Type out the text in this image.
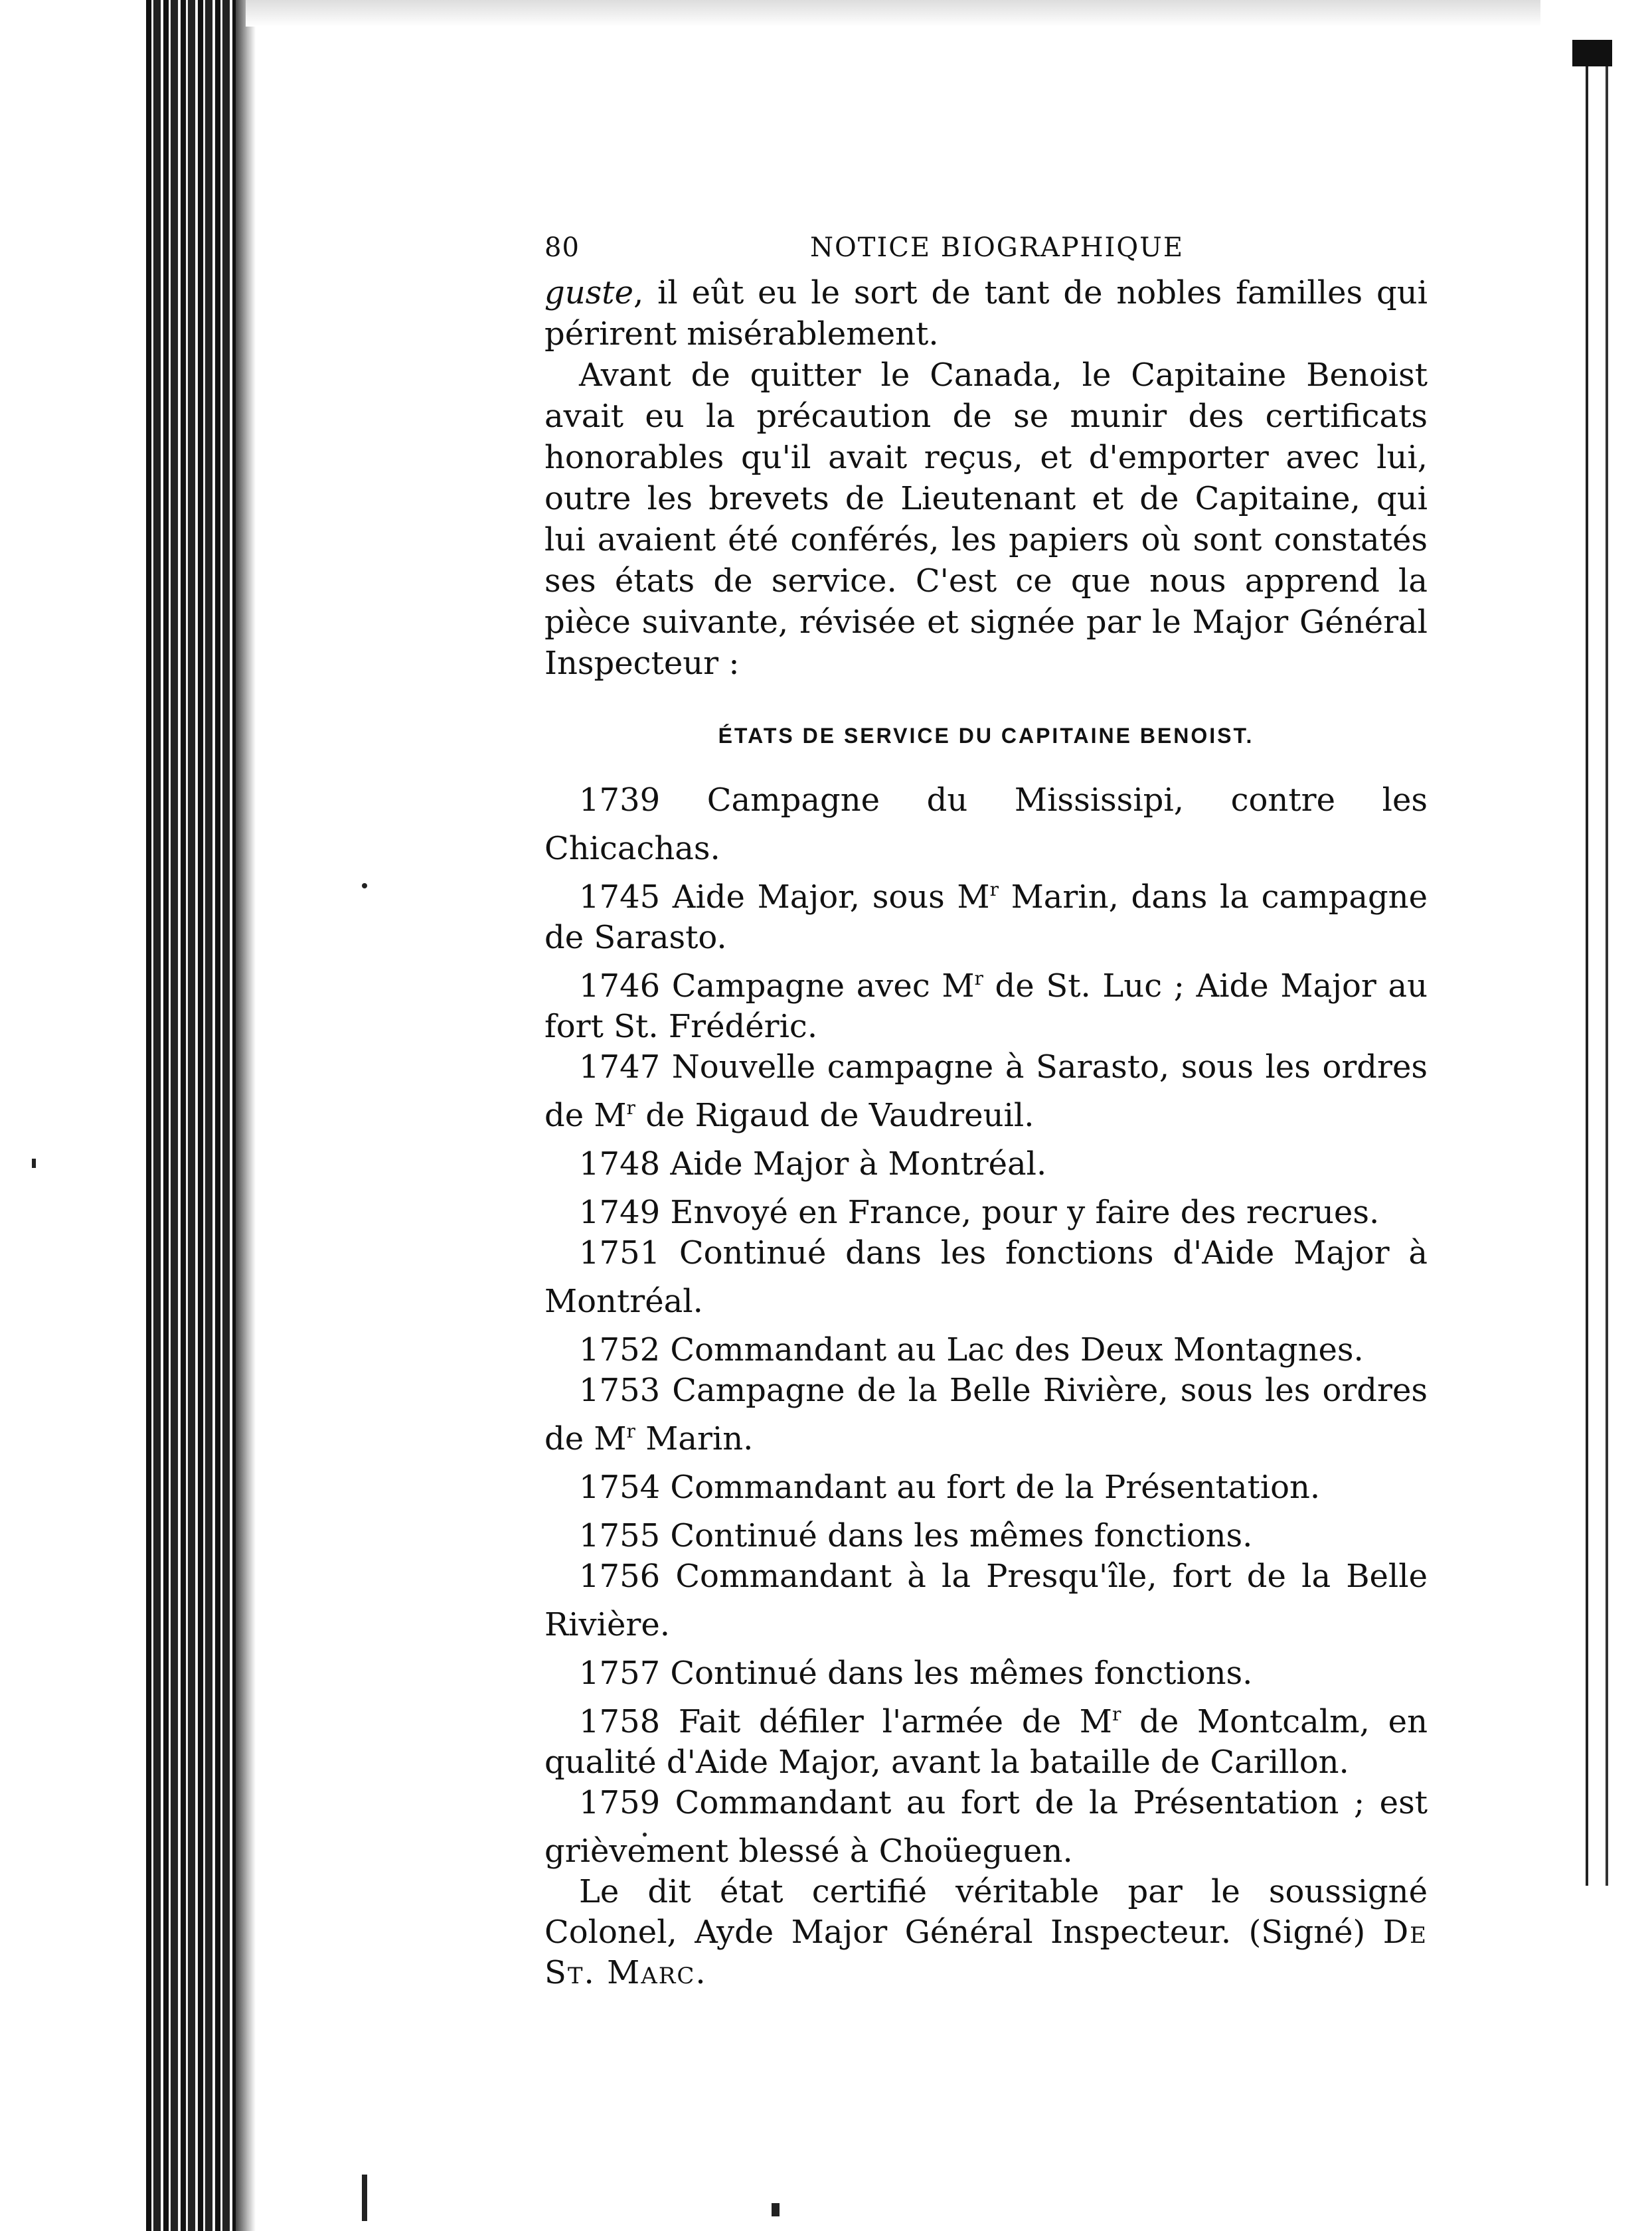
80	NOTICE BIOGRAPHIQUE

guste, il eût eu le sort de tant de nobles familles qui périrent misérablement.

Avant de quitter le Canada, le Capitaine Benoist avait eu la précaution de se munir des certificats honorables qu'il avait reçus, et d'emporter avec lui, outre les brevets de Lieutenant et de Capitaine, qui lui avaient été conférés, les papiers où sont constatés ses états de service. C'est ce que nous apprend la pièce suivante, révisée et signée par le Major Général Inspecteur :

ÉTATS DE SERVICE DU CAPITAINE BENOIST.

1739 Campagne du Mississipi, contre les Chicachas.

1745 Aide Major, sous $M^r$ Marin, dans la campagne de Sarasto.

1746 Campagne avec $M^r$ de St. Luc ; Aide Major au fort St. Frédéric.

1747 Nouvelle campagne à Sarasto, sous les ordres de $M^r$ de Rigaud de Vaudreuil.

1748 Aide Major à Montréal.

1749 Envoyé en France, pour y faire des recrues.

1751 Continué dans les fonctions d'Aide Major à Montréal.

1752 Commandant au Lac des Deux Montagnes.

1753 Campagne de la Belle Rivière, sous les ordres de $M^r$ Marin.

1754 Commandant au fort de la Présentation.

1755 Continué dans les mêmes fonctions.

1756 Commandant à la Presqu'île, fort de la Belle Rivière.

1757 Continué dans les mêmes fonctions.

1758 Fait défiler l'armée de $M^r$ de Montcalm, en qualité d'Aide Major, avant la bataille de Carillon.

1759 Commandant au fort de la Présentation ; est grièvement blessé à Choüeguen.

Le dit état certifié véritable par le soussigné Colonel, Ayde Major Général Inspecteur. (Signé) De St. Marc.
